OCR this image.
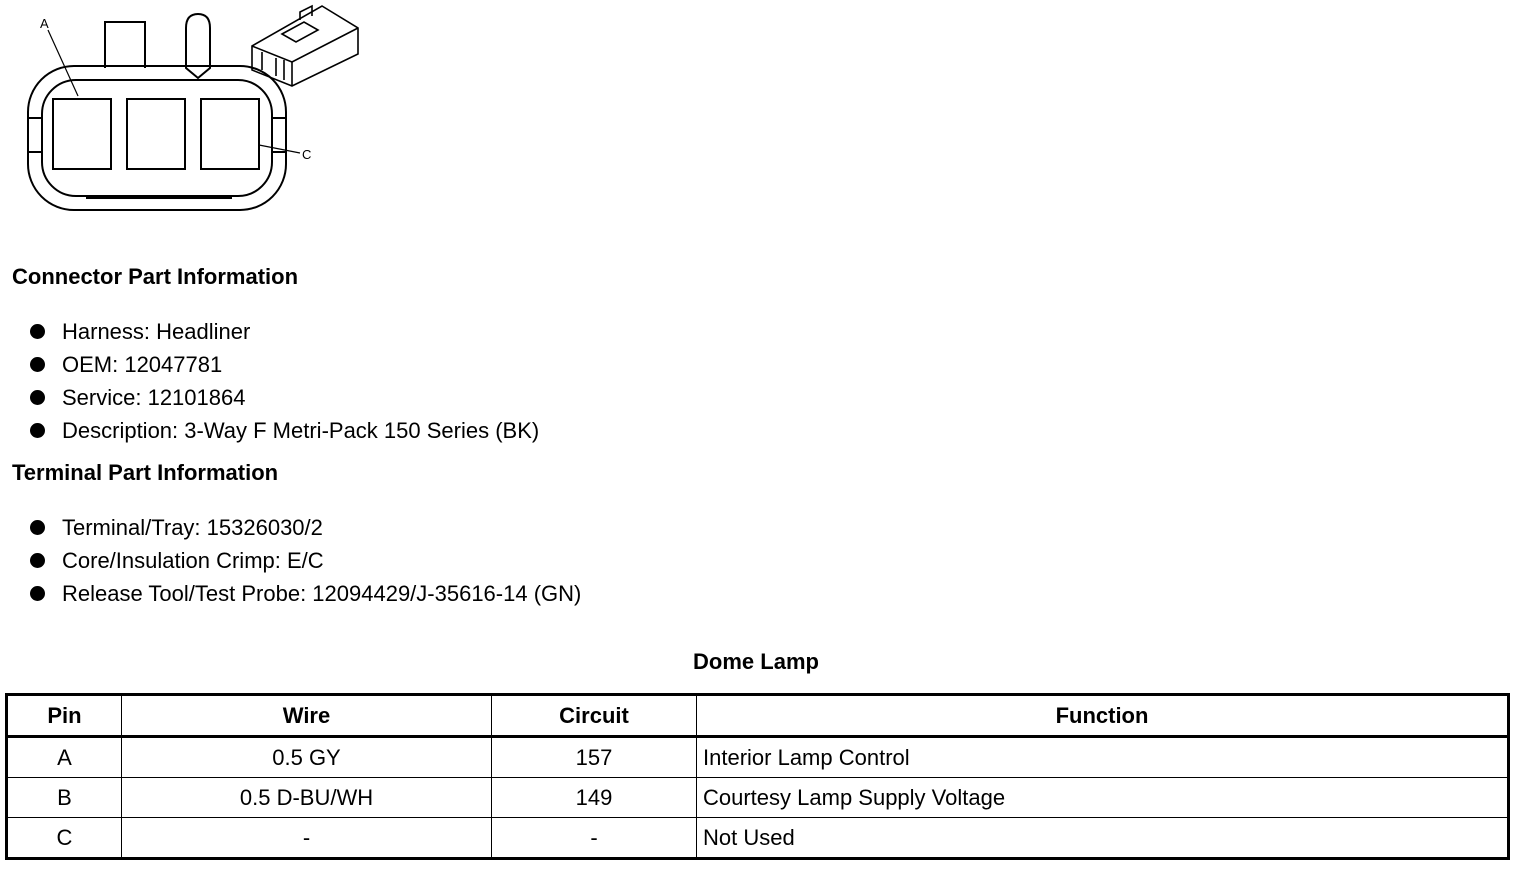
A
C
Connector Part Information
Harness: Headliner
OEM: 12047781
Service: 12101864
Description: 3-Way F Metri-Pack 150 Series (BK)
Terminal Part Information
Terminal/Tray: 15326030/2
Core/Insulation Crimp: E/C
Release Tool/Test Probe: 12094429/J-35616-14 (GN)
Dome Lamp
Pin	Wire	Circuit	Function
A	0.5 GY	157	Interior Lamp Control
B	0.5 D-BU/WH	149	Courtesy Lamp Supply Voltage
C	-	-	Not Used
